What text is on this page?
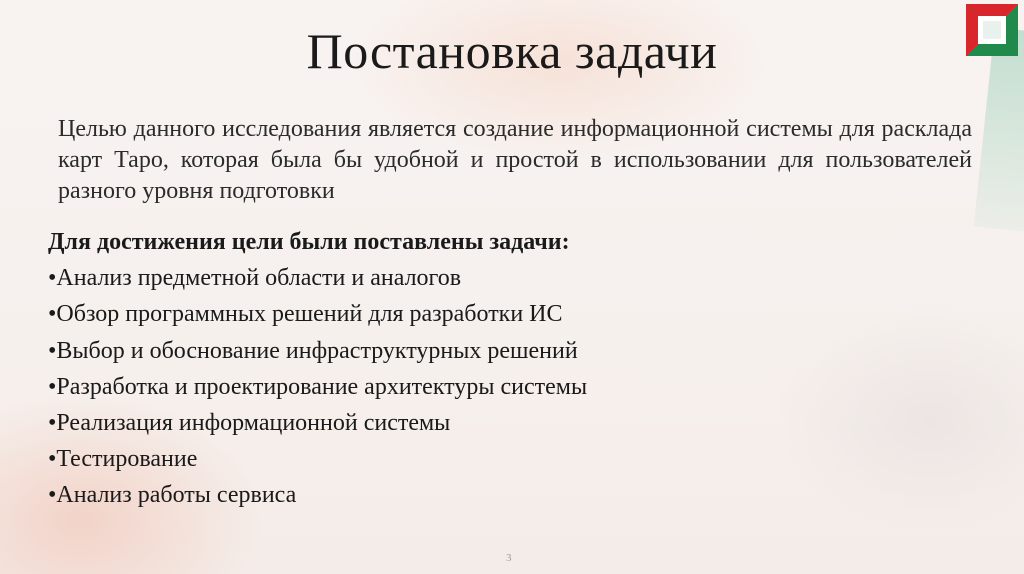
Постановка задачи

Целью данного исследования является создание информационной системы для расклада карт Таро, которая была бы удобной и простой в использовании для пользователей разного уровня подготовки

Для достижения цели были поставлены задачи:
•Анализ предметной области и аналогов
•Обзор программных решений для разработки ИС
•Выбор и обоснование инфраструктурных решений
•Разработка и проектирование архитектуры системы
•Реализация информационной системы
•Тестирование
•Анализ работы сервиса
3
